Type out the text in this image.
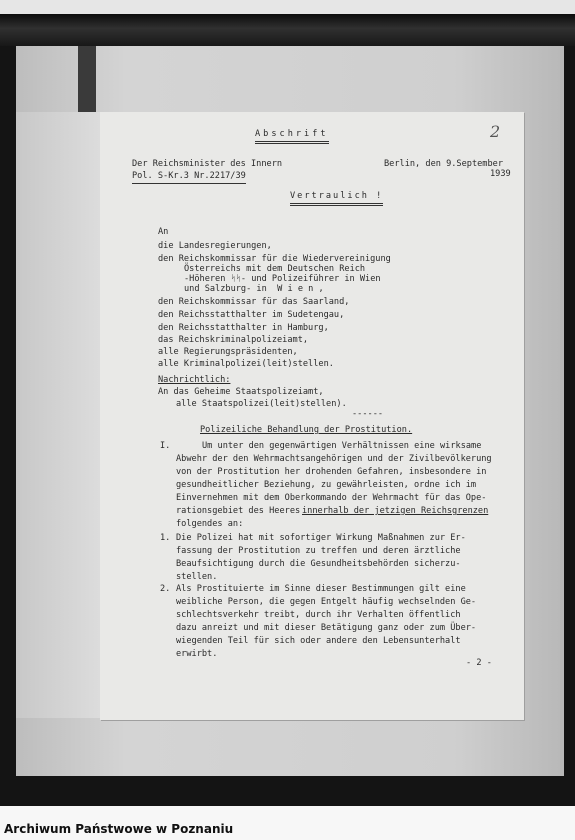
2
Abschrift
Der Reichsminister des Innern
Pol. S-Kr.3 Nr.2217/39
Berlin, den 9.September
1939
Vertraulich !
An
die Landesregierungen,
den Reichskommissar für die Wiedervereinigung
Österreichs mit dem Deutschen Reich
-Höheren ᛋᛋ- und Polizeiführer in Wien
und Salzburg- in  W i e n ,
den Reichskommissar für das Saarland,
den Reichsstatthalter im Sudetengau,
den Reichsstatthalter in Hamburg,
das Reichskriminalpolizeiamt,
alle Regierungspräsidenten,
alle Kriminalpolizei(leit)stellen.
Nachrichtlich:
An das Geheime Staatspolizeiamt,
alle Staatspolizei(leit)stellen).
------
Polizeiliche Behandlung der Prostitution.
I.	Um unter den gegenwärtigen Verhältnissen eine wirksame
Abwehr der den Wehrmachtsangehörigen und der Zivilbevölkerung
von der Prostitution her drohenden Gefahren, insbesondere in
gesundheitlicher Beziehung, zu gewährleisten, ordne ich im
Einvernehmen mit dem Oberkommando der Wehrmacht für das Ope-
rationsgebiet des Heeres
innerhalb der jetzigen Reichsgrenzen
folgendes an:
1. Die Polizei hat mit sofortiger Wirkung Maßnahmen zur Er-
fassung der Prostitution zu treffen und deren ärztliche
Beaufsichtigung durch die Gesundheitsbehörden sicherzu-
stellen.
2. Als Prostituierte im Sinne dieser Bestimmungen gilt eine
weibliche Person, die gegen Entgelt häufig wechselnden Ge-
schlechtsverkehr treibt, durch ihr Verhalten öffentlich
dazu anreizt und mit dieser Betätigung ganz oder zum Über-
wiegenden Teil für sich oder andere den Lebensunterhalt
erwirbt.
- 2 -
Archiwum Państwowe w Poznaniu
